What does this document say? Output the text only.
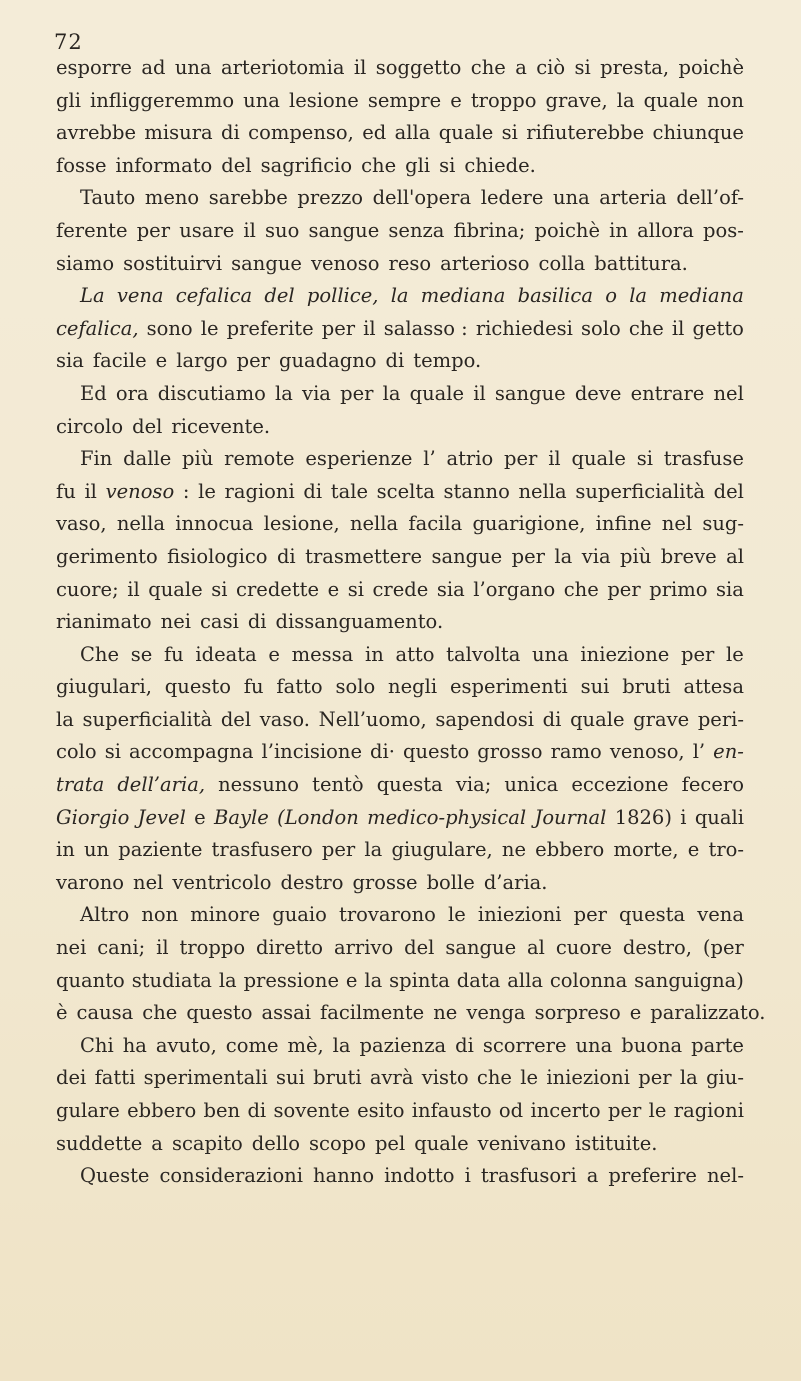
72
esporre ad una arteriotomia il soggetto che a ciò si presta, poichè
gli infliggeremmo una lesione sempre e troppo grave, la quale non
avrebbe misura di compenso, ed alla quale si rifiuterebbe chiunque
fosse informato del sagrificio che gli si chiede.
Tauto meno sarebbe prezzo dell'opera ledere una arteria dell’of-
ferente per usare il suo sangue senza fibrina; poichè in allora pos-
siamo sostituirvi sangue venoso reso arterioso colla battitura.
La vena cefalica del pollice, la mediana basilica o la mediana
cefalica, sono le preferite per il salasso : richiedesi solo che il getto
sia facile e largo per guadagno di tempo.
Ed ora discutiamo la via per la quale il sangue deve entrare nel
circolo del ricevente.
Fin dalle più remote esperienze l’ atrio per il quale si trasfuse
fu il venoso : le ragioni di tale scelta stanno nella superficialità del
vaso, nella innocua lesione, nella facila guarigione, infine nel sug-
gerimento fisiologico di trasmettere sangue per la via più breve al
cuore; il quale si credette e si crede sia l’organo che per primo sia
rianimato nei casi di dissanguamento.
Che se fu ideata e messa in atto talvolta una iniezione per le
giugulari, questo fu fatto solo negli esperimenti sui bruti attesa
la superficialità del vaso. Nell’uomo, sapendosi di quale grave peri-
colo si accompagna l’incisione di· questo grosso ramo venoso, l’ en-
trata dell’aria, nessuno tentò questa via; unica eccezione fecero
Giorgio Jevel e Bayle (London medico-physical Journal 1826) i quali
in un paziente trasfusero per la giugulare, ne ebbero morte, e tro-
varono nel ventricolo destro grosse bolle d’aria.
Altro non minore guaio trovarono le iniezioni per questa vena
nei cani; il troppo diretto arrivo del sangue al cuore destro, (per
quanto studiata la pressione e la spinta data alla colonna sanguigna)
è causa che questo assai facilmente ne venga sorpreso e paralizzato.
Chi ha avuto, come mè, la pazienza di scorrere una buona parte
dei fatti sperimentali sui bruti avrà visto che le iniezioni per la giu-
gulare ebbero ben di sovente esito infausto od incerto per le ragioni
suddette a scapito dello scopo pel quale venivano istituite.
Queste considerazioni hanno indotto i trasfusori a preferire nel-
